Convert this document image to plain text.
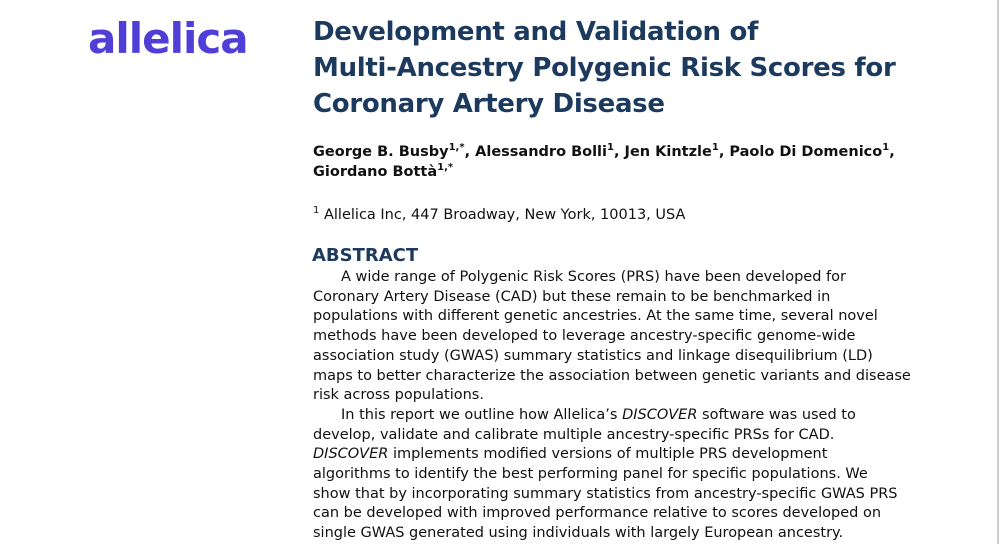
allelica	Development and Validation of
Multi-Ancestry Polygenic Risk Scores for
Coronary Artery Disease
George B. Busby$^{1,*}$, Alessandro Bolli$^1$, Jen Kintzle$^1$, Paolo Di Domenico$^1$,
Giordano Bottà$^{1,*}$
$^1$ Allelica Inc, 447 Broadway, New York, 10013, USA
ABSTRACT
A wide range of Polygenic Risk Scores (PRS) have been developed for
Coronary Artery Disease (CAD) but these remain to be benchmarked in
populations with different genetic ancestries. At the same time, several novel
methods have been developed to leverage ancestry-specific genome-wide
association study (GWAS) summary statistics and linkage disequilibrium (LD)
maps to better characterize the association between genetic variants and disease
risk across populations.
In this report we outline how Allelica’s DISCOVER software was used to
develop, validate and calibrate multiple ancestry-specific PRSs for CAD.
DISCOVER implements modified versions of multiple PRS development
algorithms to identify the best performing panel for specific populations. We
show that by incorporating summary statistics from ancestry-specific GWAS PRS
can be developed with improved performance relative to scores developed on
single GWAS generated using individuals with largely European ancestry.
